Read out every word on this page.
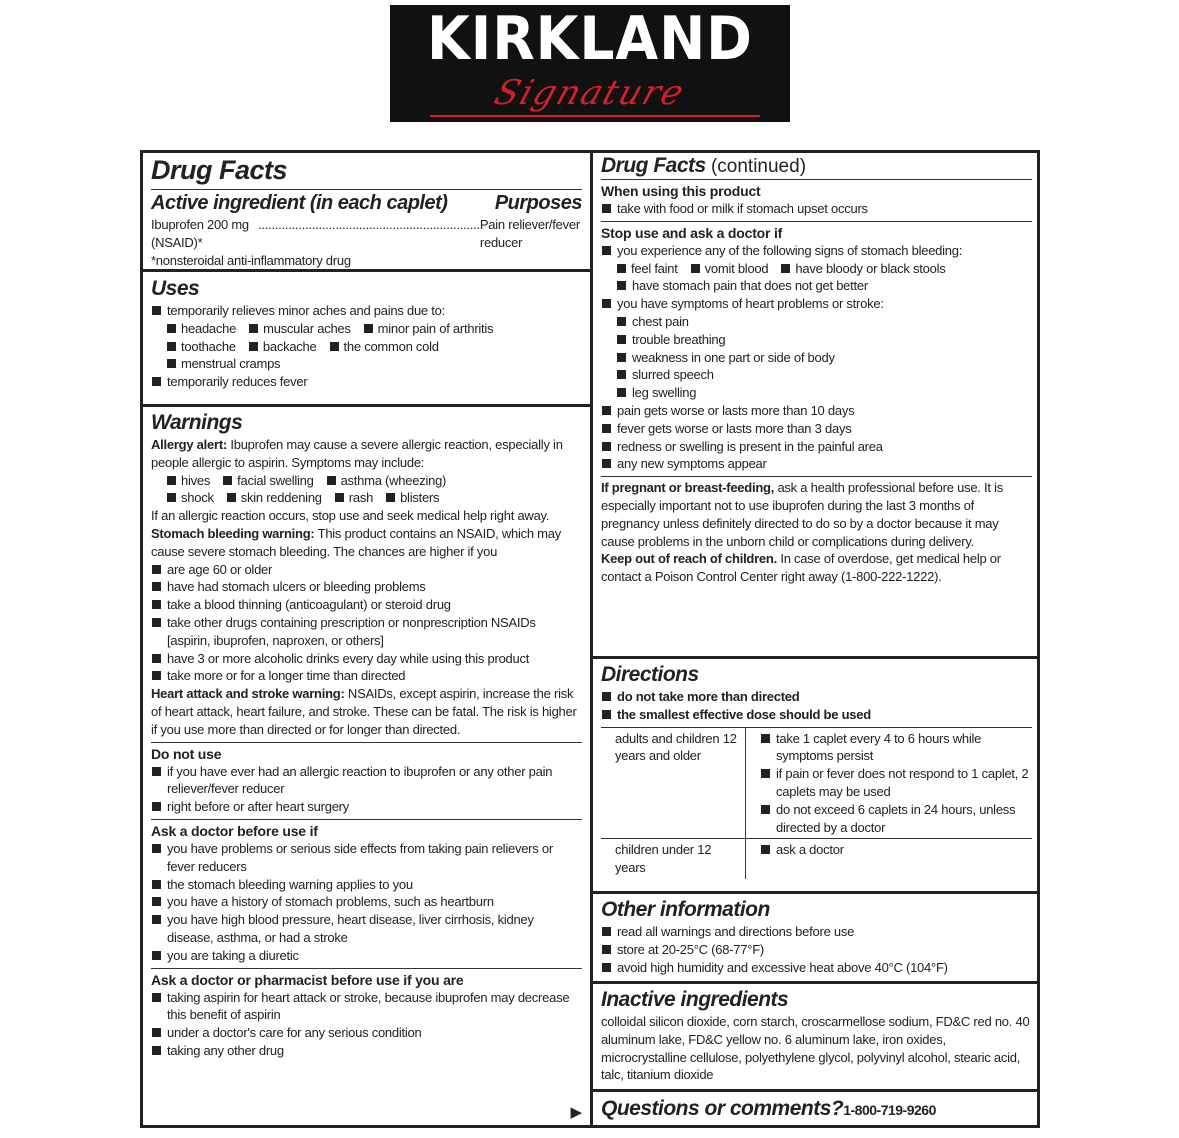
KIRKLAND
Signature
Drug Facts
Active ingredient (in each caplet) Purposes
Ibuprofen 200 mg (NSAID)*
.................................................................. Pain reliever/fever reducer
*nonsteroidal anti-inflammatory drug
Uses
temporarily relieves minor aches and pains due to:
headache muscular aches minor pain of arthritis
toothache backache the common cold
menstrual cramps
temporarily reduces fever
Warnings
Allergy alert: Ibuprofen may cause a severe allergic reaction, especially in people allergic to aspirin. Symptoms may include:
hives facial swelling asthma (wheezing)
shock skin reddening rash blisters
If an allergic reaction occurs, stop use and seek medical help right away.
Stomach bleeding warning: This product contains an NSAID, which may cause severe stomach bleeding. The chances are higher if you
are age 60 or older
have had stomach ulcers or bleeding problems
take a blood thinning (anticoagulant) or steroid drug
take other drugs containing prescription or nonprescription NSAIDs [aspirin, ibuprofen, naproxen, or others]
have 3 or more alcoholic drinks every day while using this product
take more or for a longer time than directed
Heart attack and stroke warning: NSAIDs, except aspirin, increase the risk of heart attack, heart failure, and stroke. These can be fatal. The risk is higher if you use more than directed or for longer than directed.
Do not use
if you have ever had an allergic reaction to ibuprofen or any other pain reliever/fever reducer
right before or after heart surgery
Ask a doctor before use if
you have problems or serious side effects from taking pain relievers or fever reducers
the stomach bleeding warning applies to you
you have a history of stomach problems, such as heartburn
you have high blood pressure, heart disease, liver cirrhosis, kidney disease, asthma, or had a stroke
you are taking a diuretic
Ask a doctor or pharmacist before use if you are
taking aspirin for heart attack or stroke, because ibuprofen may decrease this benefit of aspirin
under a doctor's care for any serious condition
taking any other drug
▶
Drug Facts (continued)
When using this product
take with food or milk if stomach upset occurs
Stop use and ask a doctor if
you experience any of the following signs of stomach bleeding:
feel faint vomit blood have bloody or black stools
have stomach pain that does not get better
you have symptoms of heart problems or stroke:
chest pain
trouble breathing
weakness in one part or side of body
slurred speech
leg swelling
pain gets worse or lasts more than 10 days
fever gets worse or lasts more than 3 days
redness or swelling is present in the painful area
any new symptoms appear
If pregnant or breast-feeding, ask a health professional before use. It is especially important not to use ibuprofen during the last 3 months of pregnancy unless definitely directed to do so by a doctor because it may cause problems in the unborn child or complications during delivery.
Keep out of reach of children. In case of overdose, get medical help or contact a Poison Control Center right away (1-800-222-1222).
Directions
do not take more than directed
the smallest effective dose should be used
adults and children 12 years and older	take 1 caplet every 4 to 6 hours while symptoms persist
if pain or fever does not respond to 1 caplet, 2 caplets may be used
do not exceed 6 caplets in 24 hours, unless directed by a doctor

children under 12 years	ask a doctor
Other information
read all warnings and directions before use
store at 20-25°C (68-77°F)
avoid high humidity and excessive heat above 40°C (104°F)
Inactive ingredients
colloidal silicon dioxide, corn starch, croscarmellose sodium, FD&C red no. 40 aluminum lake, FD&C yellow no. 6 aluminum lake, iron oxides, microcrystalline cellulose, polyethylene glycol, polyvinyl alcohol, stearic acid, talc, titanium dioxide
Questions or comments?1-800-719-9260
